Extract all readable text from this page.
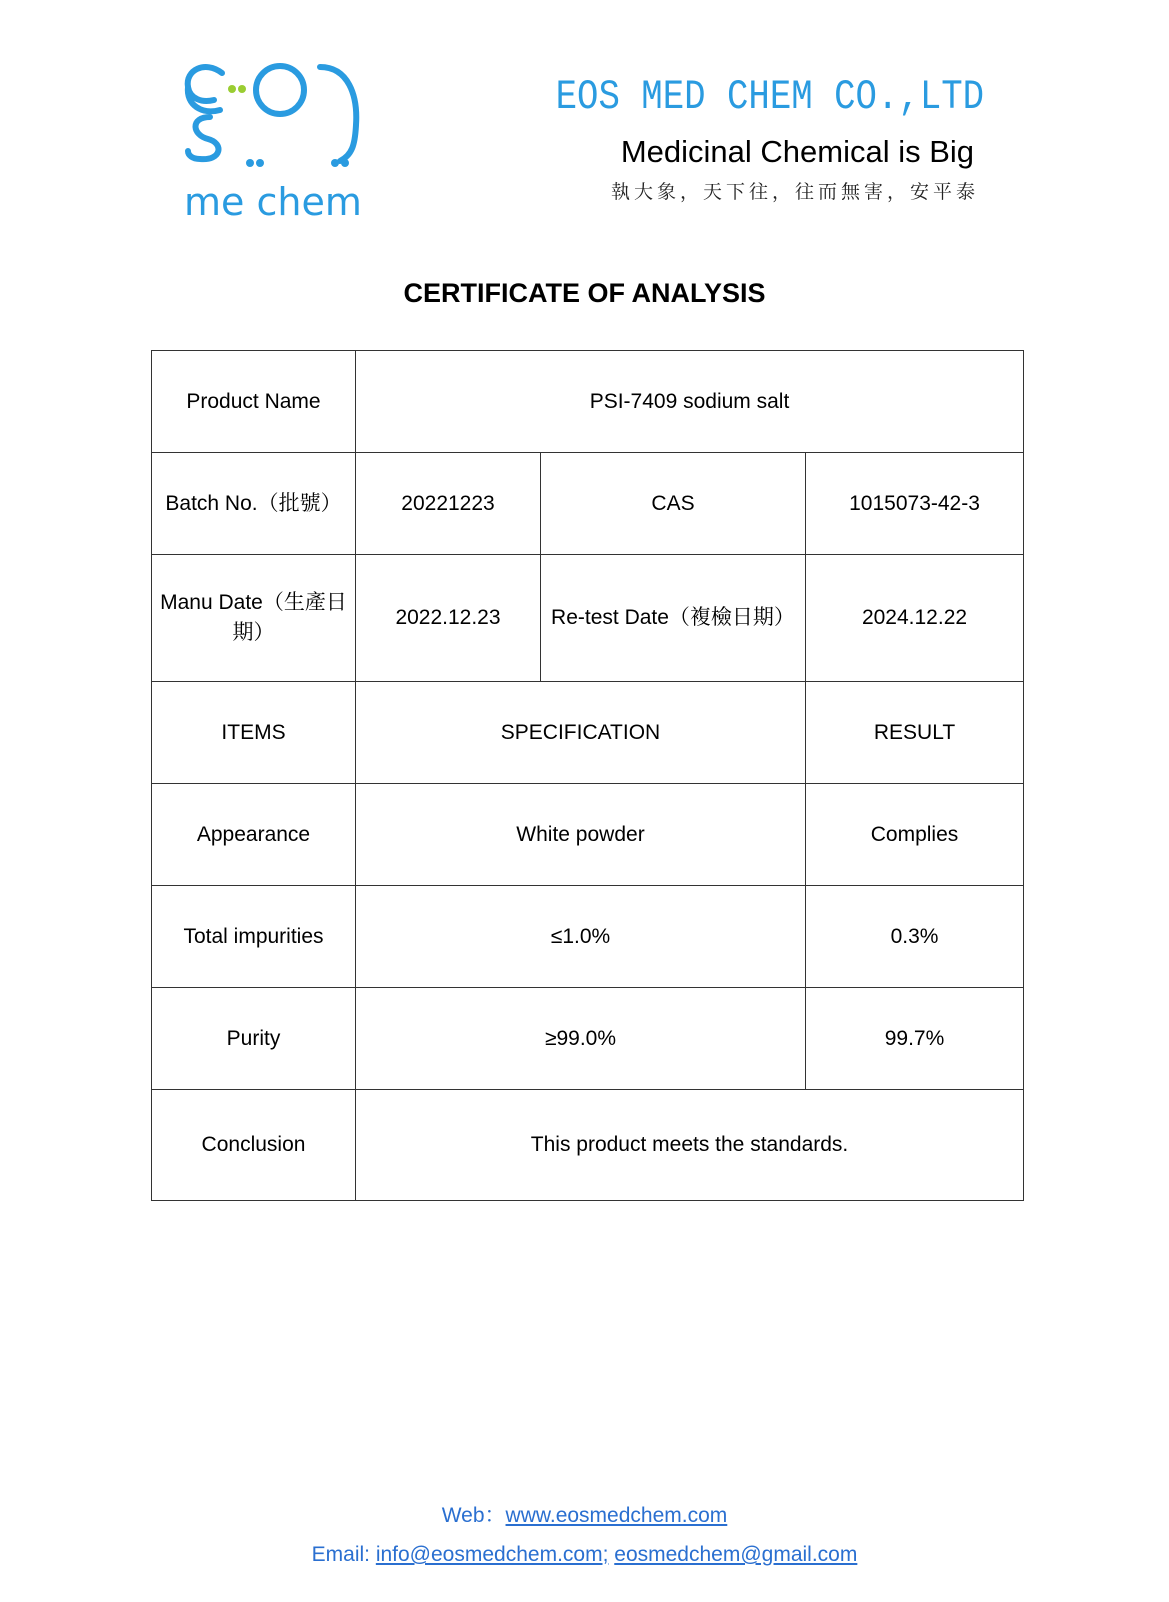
me chem
EOS MED CHEM CO.,LTD
Medicinal Chemical is Big
執大象，天下往，往而無害，安平泰
CERTIFICATE OF ANALYSIS
Product Name	PSI-7409 sodium salt		
Batch No.（批號）	20221223	CAS	1015073-42-3
Manu Date（生產日期）	2022.12.23	Re-test Date（複檢日期）	2024.12.22
ITEMS	SPECIFICATION		RESULT
Appearance	White powder		Complies
Total impurities	≤1.0%		0.3%
Purity	≥99.0%		99.7%
Conclusion	This product meets the standards.		
Web：www.eosmedchem.com
Email: info@eosmedchem.com; eosmedchem@gmail.com
